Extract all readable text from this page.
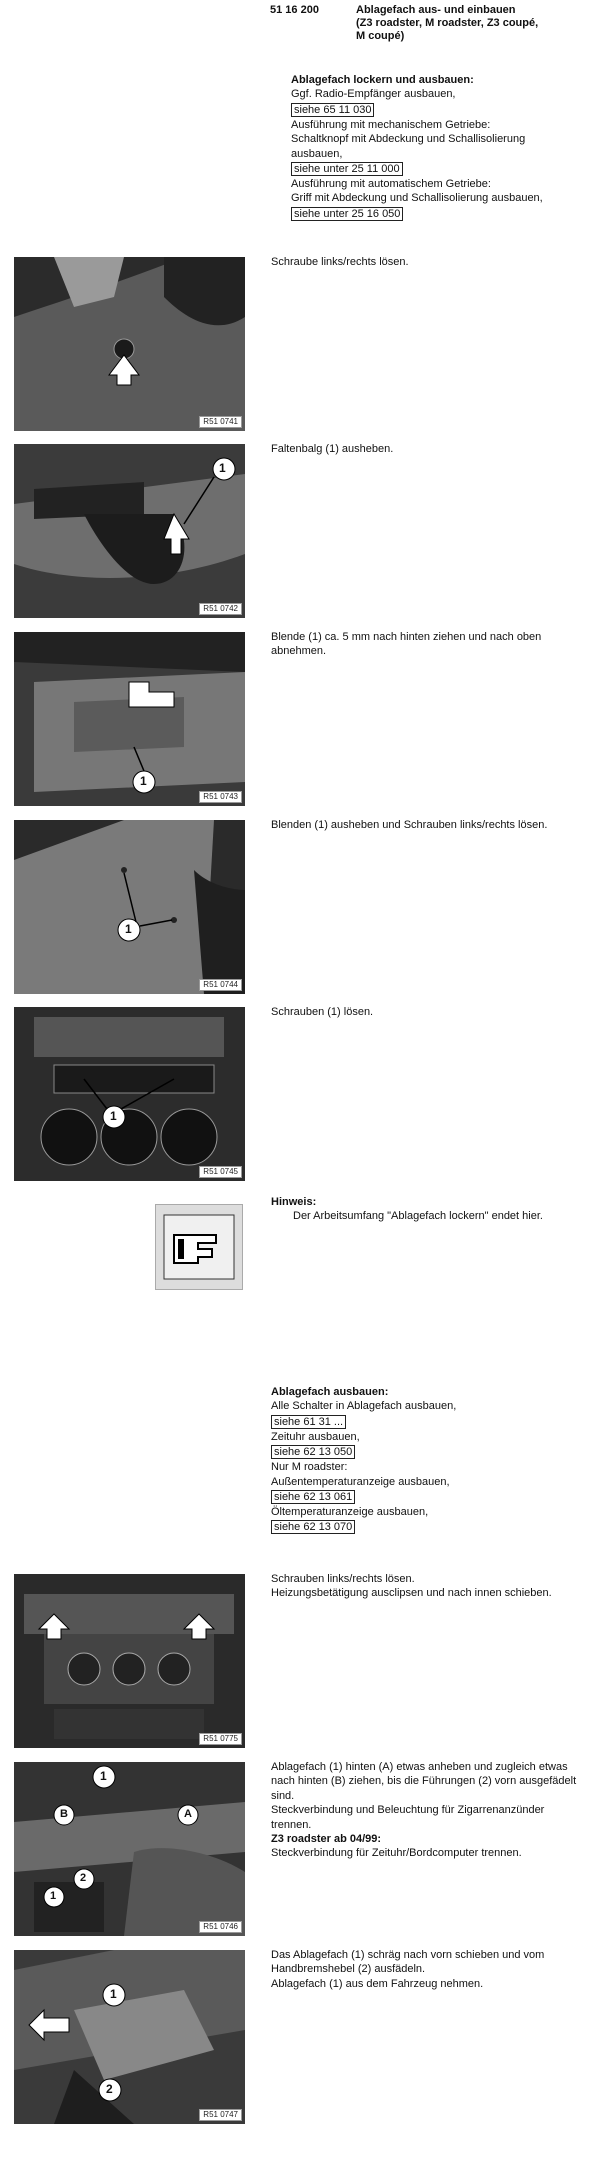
51 16 200	Ablagefach aus- und einbauen
(Z3 roadster, M roadster, Z3 coupé,
M coupé)
Ablagefach lockern und ausbauen:
Ggf. Radio-Empfänger ausbauen,
siehe 65 11 030
Ausführung mit mechanischem Getriebe:
Schaltknopf mit Abdeckung und Schallisolierung
ausbauen,
siehe unter 25 11 000
Ausführung mit automatischem Getriebe:
Griff mit Abdeckung und Schallisolierung ausbauen,
siehe unter 25 16 050
R51 0741
Schraube links/rechts lösen.
1
R51 0742
Faltenbalg (1) ausheben.
1
R51 0743
Blende (1) ca. 5 mm nach hinten ziehen und nach oben
abnehmen.
1
R51 0744
Blenden (1) ausheben und Schrauben links/rechts lösen.
1
R51 0745
Schrauben (1) lösen.
Hinweis:
Der Arbeitsumfang "Ablagefach lockern" endet hier.
Ablagefach ausbauen:
Alle Schalter in Ablagefach ausbauen,
siehe 61 31 ...
Zeituhr ausbauen,
siehe 62 13 050
Nur M roadster:
Außentemperaturanzeige ausbauen,
siehe 62 13 061
Öltemperaturanzeige ausbauen,
siehe 62 13 070
R51 0775
Schrauben links/rechts lösen.
Heizungsbetätigung ausclipsen und nach innen schieben.
1
B	A
2
1
R51 0746
Ablagefach (1) hinten (A) etwas anheben und zugleich etwas
nach hinten (B) ziehen, bis die Führungen (2) vorn ausgefädelt
sind.
Steckverbindung und Beleuchtung für Zigarrenanzünder
trennen.
Z3 roadster ab 04/99:
Steckverbindung für Zeituhr/Bordcomputer trennen.
1
2
R51 0747
Das Ablagefach (1) schräg nach vorn schieben und vom
Handbremshebel (2) ausfädeln.
Ablagefach (1) aus dem Fahrzeug nehmen.
